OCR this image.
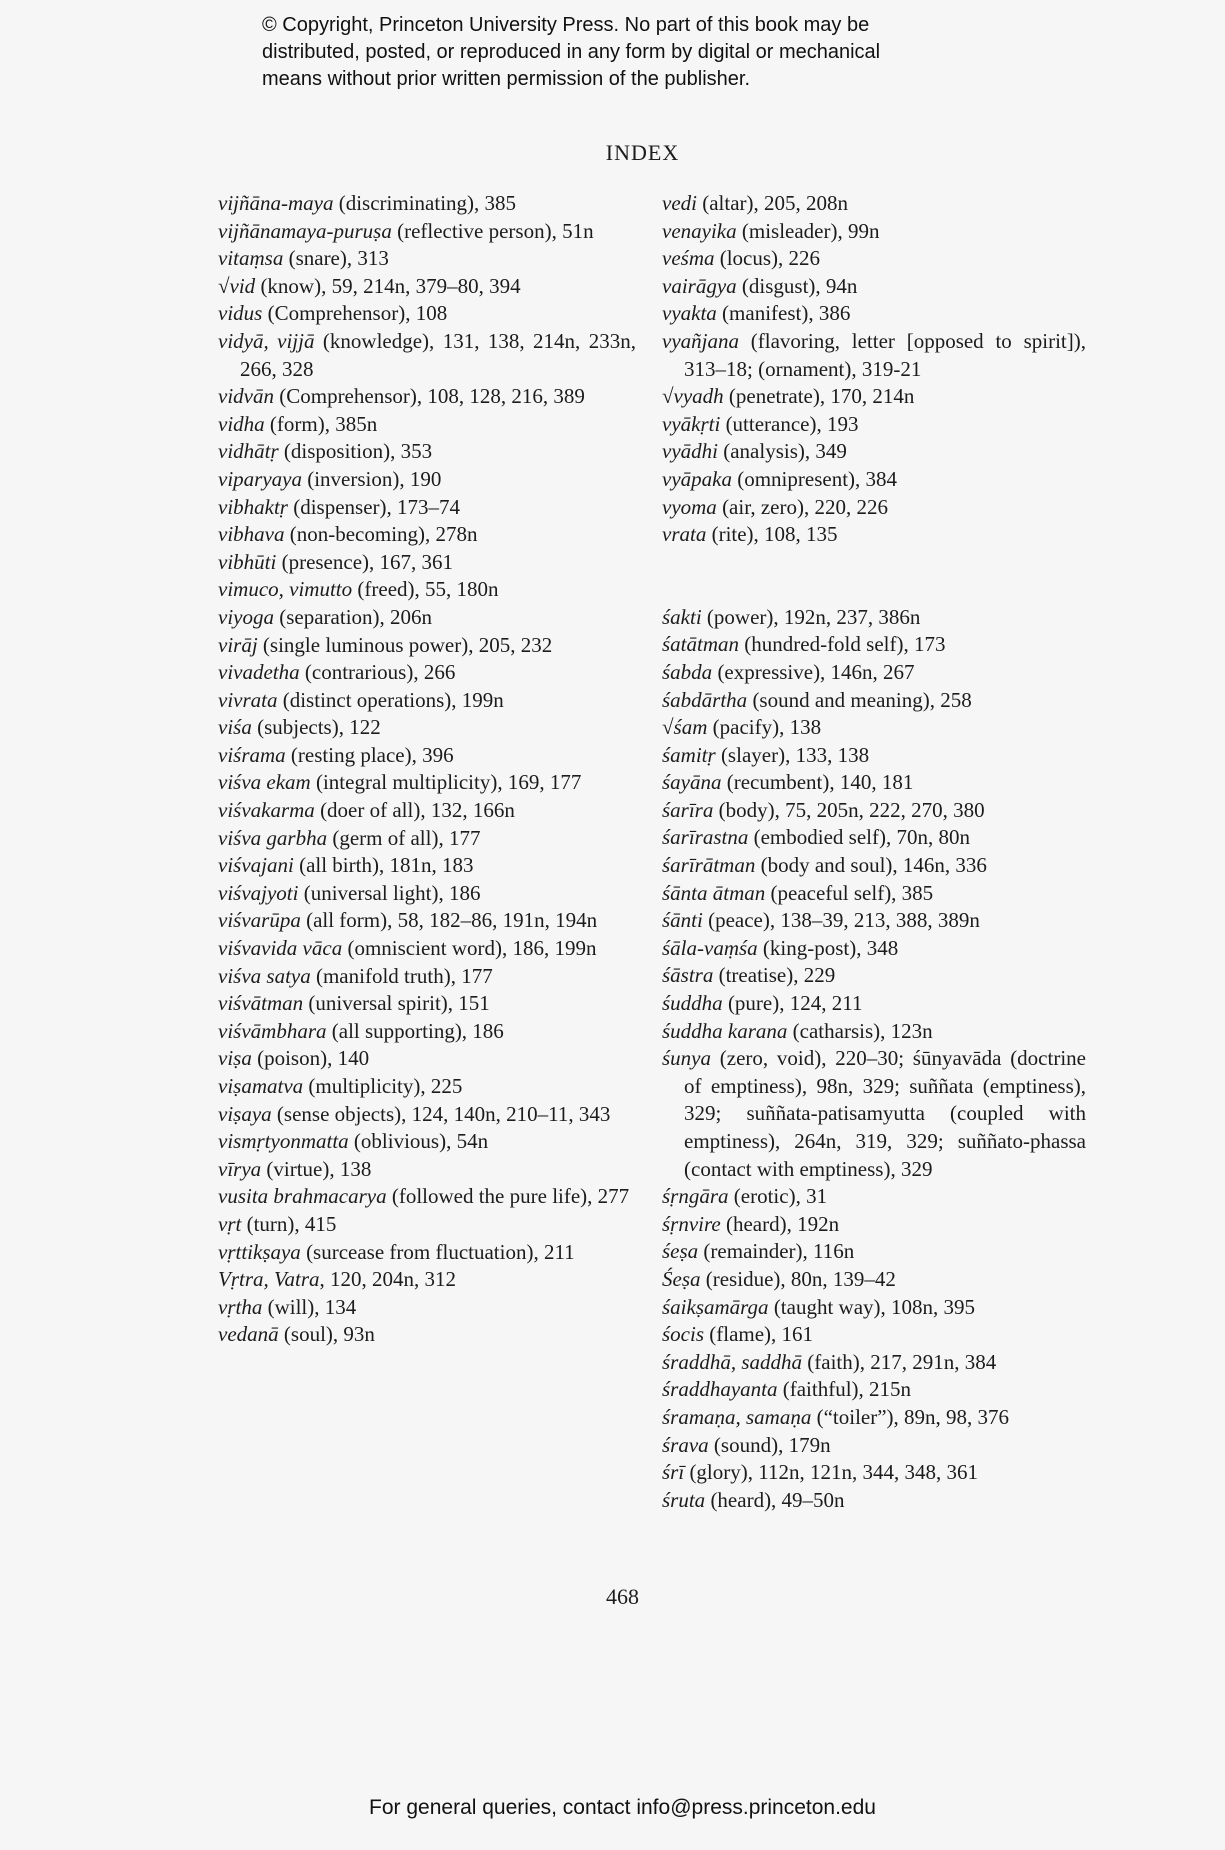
© Copyright, Princeton University Press. No part of this book may be
distributed, posted, or reproduced in any form by digital or mechanical
means without prior written permission of the publisher.
INDEX
vijñāna-maya (discriminating), 385
vijñānamaya-puruṣa (reflective person), 51n
vitaṃsa (snare), 313
√vid (know), 59, 214n, 379–80, 394
vidus (Comprehensor), 108
vidyā, vijjā (knowledge), 131, 138, 214n, 233n, 266, 328
vidvān (Comprehensor), 108, 128, 216, 389
vidha (form), 385n
vidhātṛ (disposition), 353
viparyaya (inversion), 190
vibhaktṛ (dispenser), 173–74
vibhava (non-becoming), 278n
vibhūti (presence), 167, 361
vimuco, vimutto (freed), 55, 180n
viyoga (separation), 206n
virāj (single luminous power), 205, 232
vivadetha (contrarious), 266
vivrata (distinct operations), 199n
viśa (subjects), 122
viśrama (resting place), 396
viśva ekam (integral multiplicity), 169, 177
viśvakarma (doer of all), 132, 166n
viśva garbha (germ of all), 177
viśvajani (all birth), 181n, 183
viśvajyoti (universal light), 186
viśvarūpa (all form), 58, 182–86, 191n, 194n
viśvavida vāca (omniscient word), 186, 199n
viśva satya (manifold truth), 177
viśvātman (universal spirit), 151
viśvāmbhara (all supporting), 186
viṣa (poison), 140
viṣamatva (multiplicity), 225
viṣaya (sense objects), 124, 140n, 210–11, 343
vismṛtyonmatta (oblivious), 54n
vīrya (virtue), 138
vusita brahmacarya (followed the pure life), 277
vṛt (turn), 415
vṛttikṣaya (surcease from fluctuation), 211
Vṛtra, Vatra, 120, 204n, 312
vṛtha (will), 134
vedanā (soul), 93n
vedi (altar), 205, 208n
venayika (misleader), 99n
veśma (locus), 226
vairāgya (disgust), 94n
vyakta (manifest), 386
vyañjana (flavoring, letter [opposed to spirit]), 313–18; (ornament), 319-21
√vyadh (penetrate), 170, 214n
vyākṛti (utterance), 193
vyādhi (analysis), 349
vyāpaka (omnipresent), 384
vyoma (air, zero), 220, 226
vrata (rite), 108, 135
śakti (power), 192n, 237, 386n
śatātman (hundred-fold self), 173
śabda (expressive), 146n, 267
śabdārtha (sound and meaning), 258
√śam (pacify), 138
śamitṛ (slayer), 133, 138
śayāna (recumbent), 140, 181
śarīra (body), 75, 205n, 222, 270, 380
śarīrastna (embodied self), 70n, 80n
śarīrātman (body and soul), 146n, 336
śānta ātman (peaceful self), 385
śānti (peace), 138–39, 213, 388, 389n
śāla-vaṃśa (king-post), 348
śāstra (treatise), 229
śuddha (pure), 124, 211
śuddha karana (catharsis), 123n
śunya (zero, void), 220–30; śūnyavāda (doctrine of emptiness), 98n, 329; suññata (emptiness), 329; suññata-patisamyutta (coupled with emptiness), 264n, 319, 329; suññato-phassa (contact with emptiness), 329
śṛngāra (erotic), 31
śṛnvire (heard), 192n
śeṣa (remainder), 116n
Śeṣa (residue), 80n, 139–42
śaikṣamārga (taught way), 108n, 395
śocis (flame), 161
śraddhā, saddhā (faith), 217, 291n, 384
śraddhayanta (faithful), 215n
śramaṇa, samaṇa (“toiler”), 89n, 98, 376
śrava (sound), 179n
śrī (glory), 112n, 121n, 344, 348, 361
śruta (heard), 49–50n
468
For general queries, contact info@press.princeton.edu
